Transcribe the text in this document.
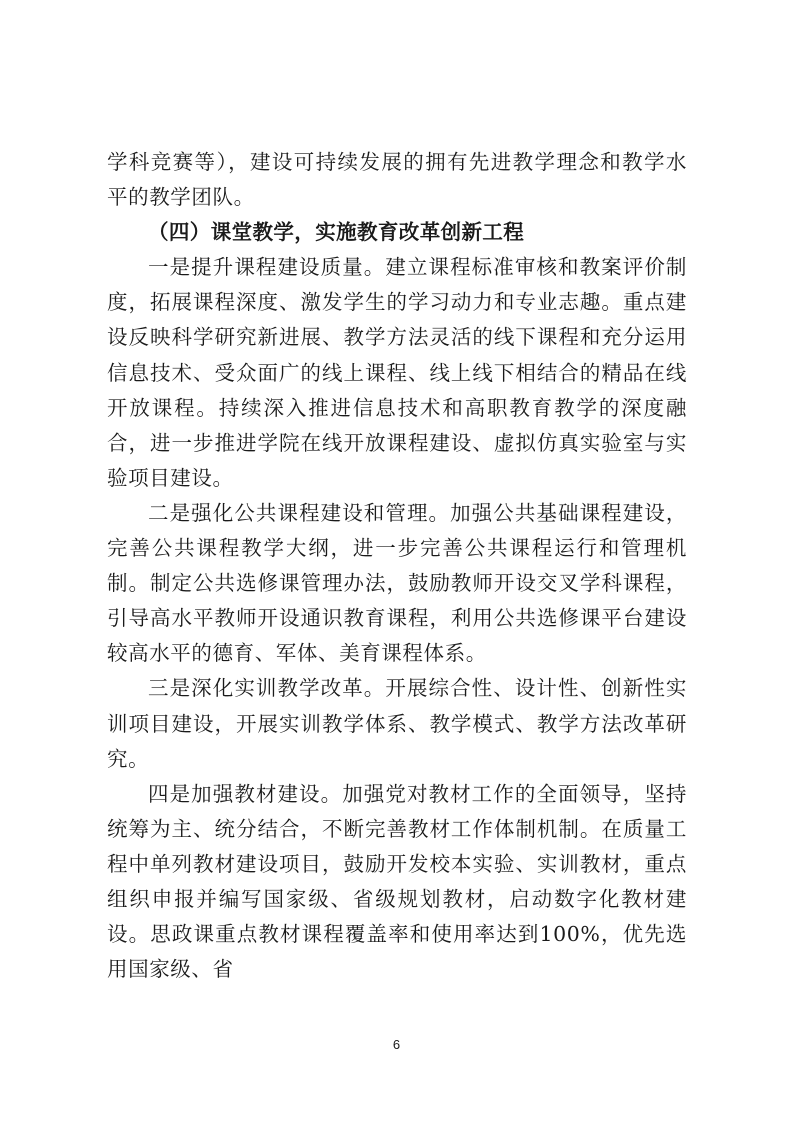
学科竞赛等），建设可持续发展的拥有先进教学理念和教学水平的教学团队。

（四）课堂教学，实施教育改革创新工程

一是提升课程建设质量。建立课程标准审核和教案评价制度，拓展课程深度、激发学生的学习动力和专业志趣。重点建设反映科学研究新进展、教学方法灵活的线下课程和充分运用信息技术、受众面广的线上课程、线上线下相结合的精品在线开放课程。持续深入推进信息技术和高职教育教学的深度融合，进一步推进学院在线开放课程建设、虚拟仿真实验室与实验项目建设。

二是强化公共课程建设和管理。加强公共基础课程建设，完善公共课程教学大纲，进一步完善公共课程运行和管理机制。制定公共选修课管理办法，鼓励教师开设交叉学科课程，引导高水平教师开设通识教育课程，利用公共选修课平台建设较高水平的德育、军体、美育课程体系。

三是深化实训教学改革。开展综合性、设计性、创新性实训项目建设，开展实训教学体系、教学模式、教学方法改革研究。

四是加强教材建设。加强党对教材工作的全面领导，坚持统筹为主、统分结合，不断完善教材工作体制机制。在质量工程中单列教材建设项目，鼓励开发校本实验、实训教材，重点组织申报并编写国家级、省级规划教材，启动数字化教材建设。思政课重点教材课程覆盖率和使用率达到100%，优先选用国家级、省

6
